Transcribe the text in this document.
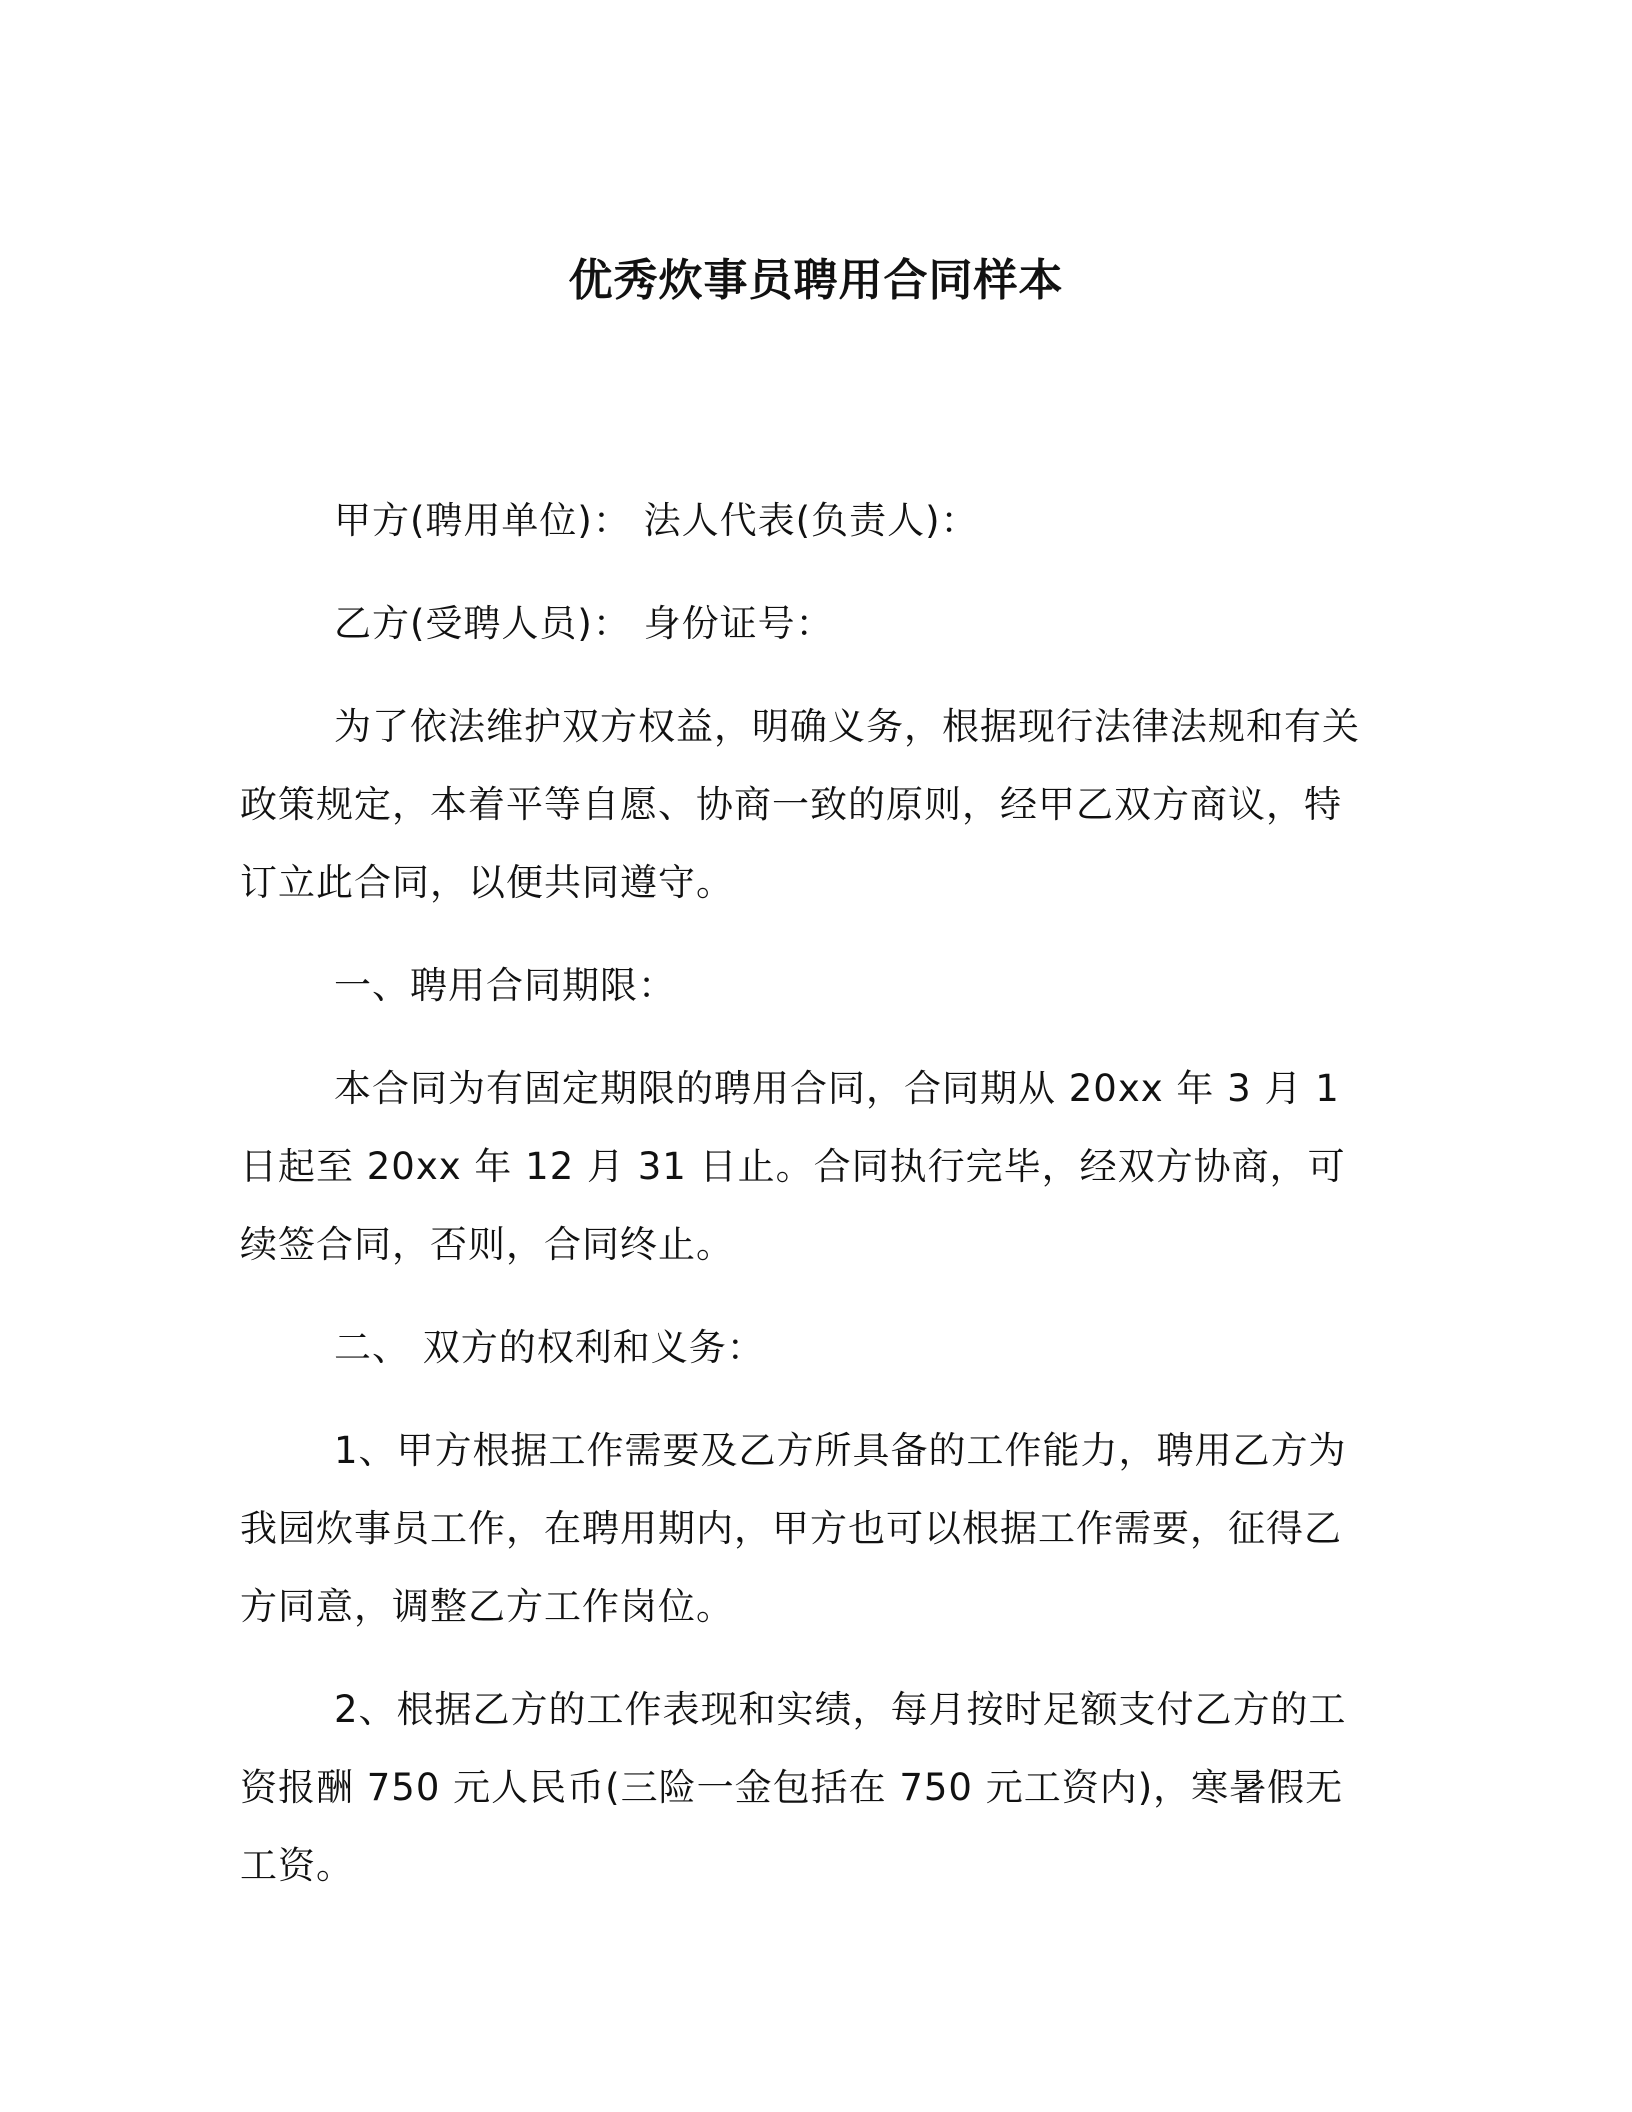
优秀炊事员聘用合同样本

甲方(聘用单位)： 法人代表(负责人)：

乙方(受聘人员)： 身份证号：

为了依法维护双方权益，明确义务，根据现行法律法规和有关政策规定，本着平等自愿、协商一致的原则，经甲乙双方商议，特订立此合同，以便共同遵守。

一、聘用合同期限：

本合同为有固定期限的聘用合同，合同期从 20xx 年 3 月 1 日起至 20xx 年 12 月 31 日止。合同执行完毕，经双方协商，可续签合同，否则，合同终止。

二、 双方的权利和义务：

1、甲方根据工作需要及乙方所具备的工作能力，聘用乙方为我园炊事员工作，在聘用期内，甲方也可以根据工作需要，征得乙方同意，调整乙方工作岗位。

2、根据乙方的工作表现和实绩，每月按时足额支付乙方的工资报酬 750 元人民币(三险一金包括在 750 元工资内)，寒暑假无工资。
